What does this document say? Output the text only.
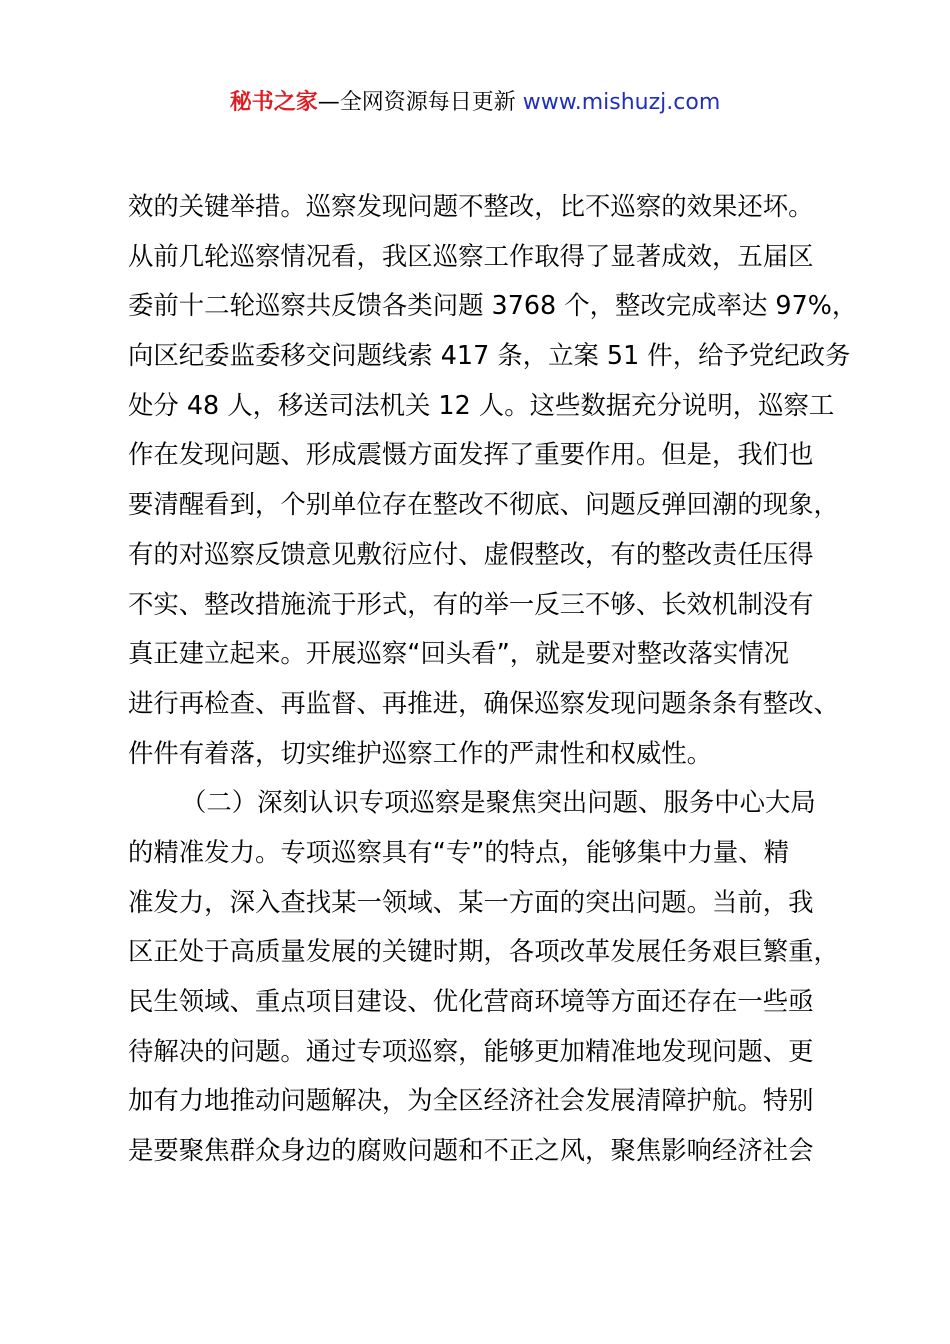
秘书之家—全网资源每日更新 www.mishuzj.com
效的关键举措。巡察发现问题不整改，比不巡察的效果还坏。
从前几轮巡察情况看，我区巡察工作取得了显著成效，五届区
委前十二轮巡察共反馈各类问题 3768 个，整改完成率达 97%，
向区纪委监委移交问题线索 417 条，立案 51 件，给予党纪政务
处分 48 人，移送司法机关 12 人。这些数据充分说明，巡察工
作在发现问题、形成震慑方面发挥了重要作用。但是，我们也
要清醒看到，个别单位存在整改不彻底、问题反弹回潮的现象，
有的对巡察反馈意见敷衍应付、虚假整改，有的整改责任压得
不实、整改措施流于形式，有的举一反三不够、长效机制没有
真正建立起来。开展巡察“回头看”，就是要对整改落实情况
进行再检查、再监督、再推进，确保巡察发现问题条条有整改、
件件有着落，切实维护巡察工作的严肃性和权威性。
（二）深刻认识专项巡察是聚焦突出问题、服务中心大局
的精准发力。专项巡察具有“专”的特点，能够集中力量、精
准发力，深入查找某一领域、某一方面的突出问题。当前，我
区正处于高质量发展的关键时期，各项改革发展任务艰巨繁重，
民生领域、重点项目建设、优化营商环境等方面还存在一些亟
待解决的问题。通过专项巡察，能够更加精准地发现问题、更
加有力地推动问题解决，为全区经济社会发展清障护航。特别
是要聚焦群众身边的腐败问题和不正之风，聚焦影响经济社会
